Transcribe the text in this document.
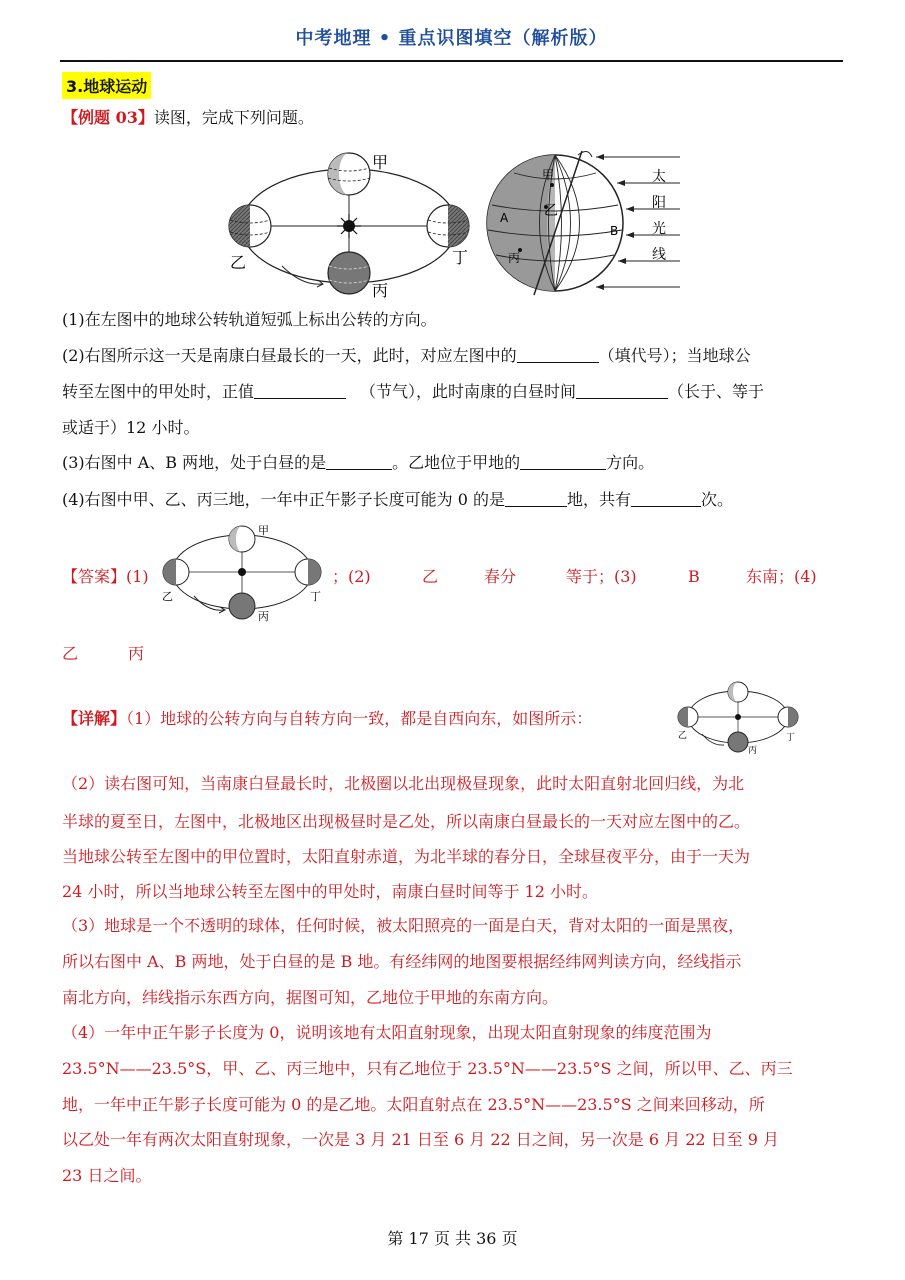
中考地理 • 重点识图填空（解析版）
3.地球运动
【例题 03】读图，完成下列问题。
甲
乙
丙
丁
甲
乙
丙
A
B
太
阳
光
线
(1)在左图中的地球公转轨道短弧上标出公转的方向。
(2)右图所示这一天是南康白昼最长的一天，此时，对应左图中的	（填代号）；当地球公
转至左图中的甲处时，正值	（节气），此时南康的白昼时间	（长于、等于
或适于）12 小时。
(3)右图中 A、B 两地，处于白昼的是	。乙地位于甲地的	方向。
(4)右图中甲、乙、丙三地，一年中正午影子长度可能为 0 的是	地，共有	次。
【答案】(1)
甲
乙
丙
丁
；(2)	乙	春分	等于；(3)	B	东南；(4)
乙	丙
【详解】（1）地球的公转方向与自转方向一致，都是自西向东，如图所示：
乙
丙
丁
（2）读右图可知，当南康白昼最长时，北极圈以北出现极昼现象，此时太阳直射北回归线，为北
半球的夏至日，左图中，北极地区出现极昼时是乙处，所以南康白昼最长的一天对应左图中的乙。
当地球公转至左图中的甲位置时，太阳直射赤道，为北半球的春分日，全球昼夜平分，由于一天为
24 小时，所以当地球公转至左图中的甲处时，南康白昼时间等于 12 小时。
（3）地球是一个不透明的球体，任何时候，被太阳照亮的一面是白天，背对太阳的一面是黑夜，
所以右图中 A、B 两地，处于白昼的是 B 地。有经纬网的地图要根据经纬网判读方向，经线指示
南北方向，纬线指示东西方向，据图可知，乙地位于甲地的东南方向。
（4）一年中正午影子长度为 0，说明该地有太阳直射现象，出现太阳直射现象的纬度范围为
23.5°N——23.5°S，甲、乙、丙三地中，只有乙地位于 23.5°N——23.5°S 之间，所以甲、乙、丙三
地，一年中正午影子长度可能为 0 的是乙地。太阳直射点在 23.5°N——23.5°S 之间来回移动，所
以乙处一年有两次太阳直射现象，一次是 3 月 21 日至 6 月 22 日之间，另一次是 6 月 22 日至 9 月
23 日之间。
第 17 页 共 36 页
